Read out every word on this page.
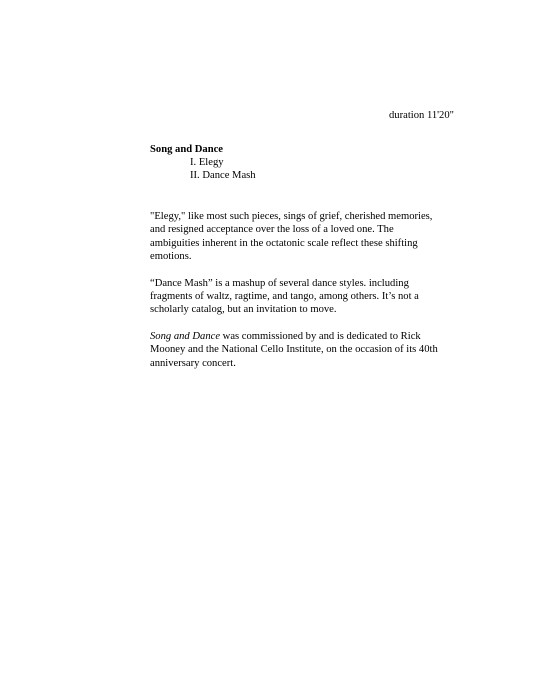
duration 11'20"
Song and Dance
I. Elegy
II. Dance Mash

"Elegy," like most such pieces, sings of grief, cherished memories,
and resigned acceptance over the loss of a loved one. The
ambiguities inherent in the octatonic scale reflect these shifting
emotions.

“Dance Mash” is a mashup of several dance styles. including
fragments of waltz, ragtime, and tango, among others. It’s not a
scholarly catalog, but an invitation to move.

Song and Dance was commissioned by and is dedicated to Rick
Mooney and the National Cello Institute, on the occasion of its 40th
anniversary concert.
